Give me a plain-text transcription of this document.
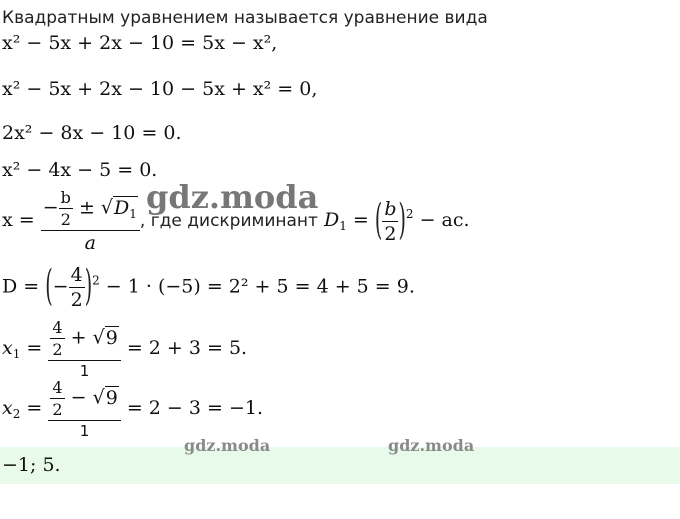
Квадратным уравнением называется уравнение вида
x² − 5x + 2x − 10 = 5x − x²,
x² − 5x + 2x − 10 − 5x + x² = 0,
2x² − 8x − 10 = 0.
x² − 4x − 5 = 0.
$x = \frac{- \frac{b}{2} \pm √D_1}{a}$ , где дискриминант $D_1$ = ( $\frac{b}{2} )^2$ − ac.
D = (− $\frac{4}{2} )^2 - 1 \cdot (-5) = 2^2 + 5 = 4 + 5 = 9$.
$x_1 = \frac{\frac{4}{2} + √9}{1} = 2 + 3 = 5$.
$x_2 = \frac{\frac{4}{2} - √9}{1} = 2 - 3 = -1$.
−1; 5.
gdz.moda
gdz.moda	gdz.moda
